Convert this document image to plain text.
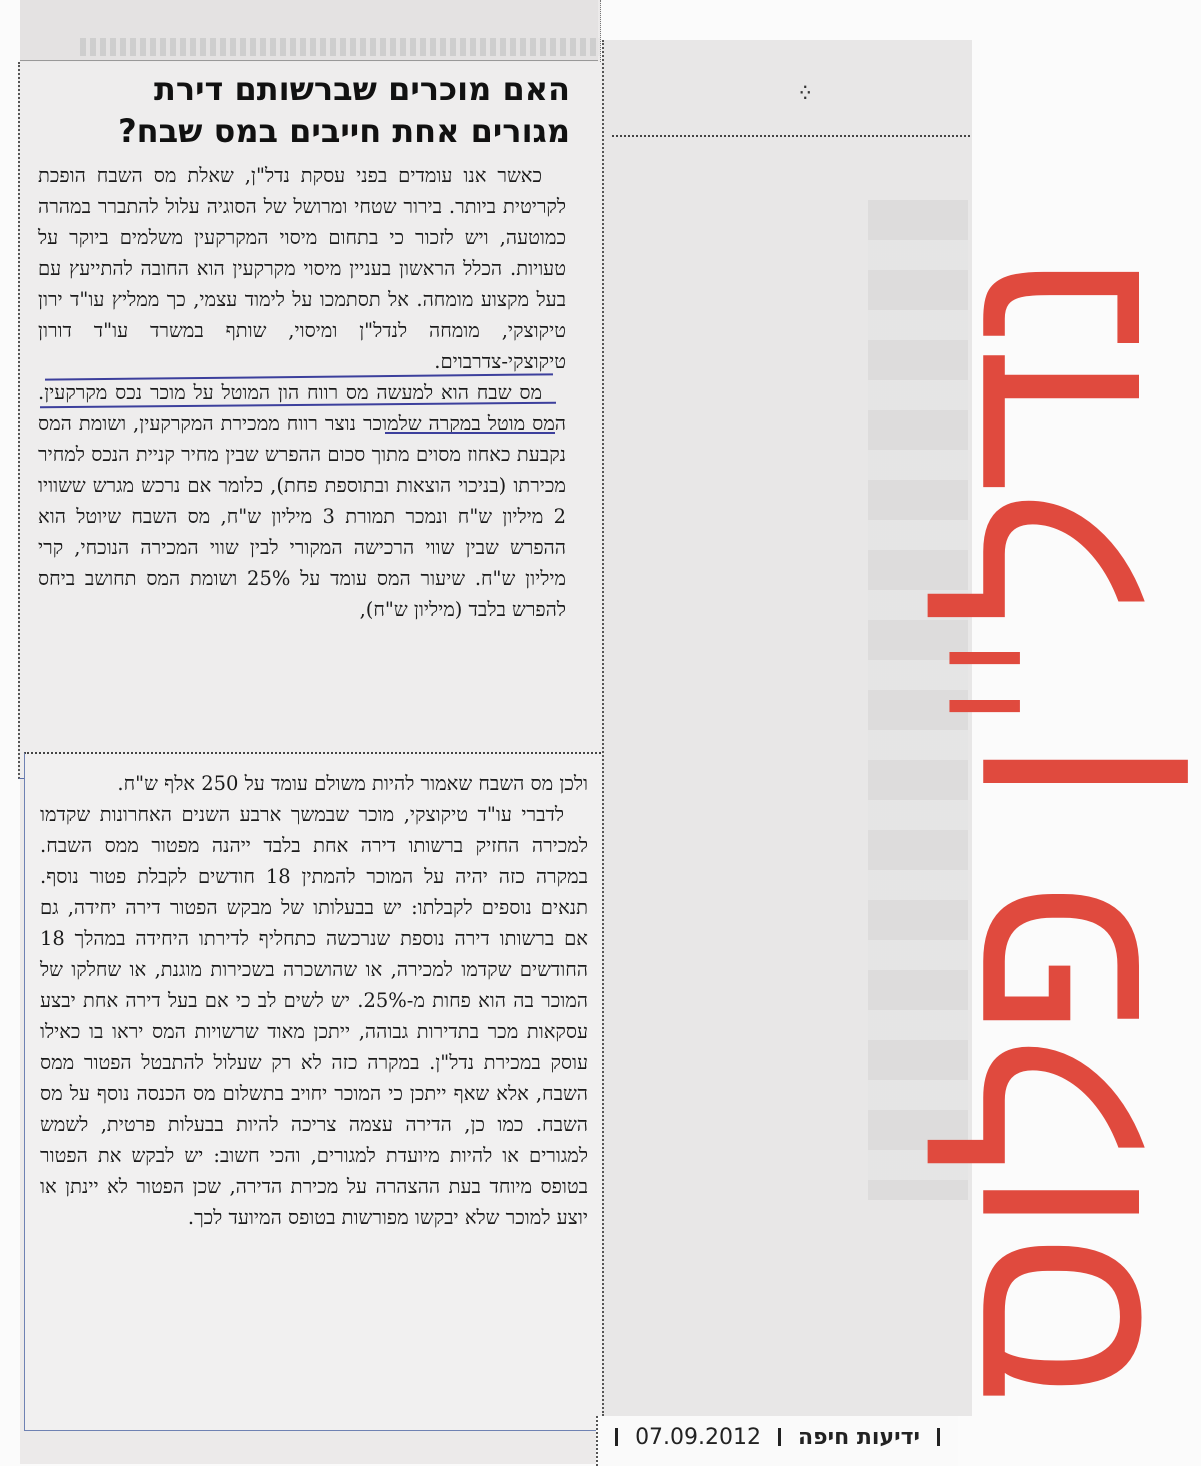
⁛
האם מוכרים שברשותם דירת מגורים אחת חייבים במס שבח?

כאשר אנו עומדים בפני עסקת נדל"ן, שאלת מס השבח הופכת לקריטית ביותר. בירור שטחי ומרושל של הסוגיה עלול להתברר במהרה כמוטעה, ויש לזכור כי בתחום מיסוי המקרקעין משלמים ביוקר על טעויות. הכלל הראשון בעניין מיסוי מקרקעין הוא החובה להתייעץ עם בעל מקצוע מומחה. אל תסתמכו על לימוד עצמי, כך ממליץ עו"ד ירון טיקוצקי, מומחה לנדל"ן ומיסוי, שותף במשרד עו"ד דורון טיקוצקי-צדרבוים.

מס שבח הוא למעשה מס רווח הון המוטל על מוכר נכס מקרקעין. המס מוטל במקרה שלמוכר נוצר רווח ממכירת המקרקעין, ושומת המס נקבעת כאחוז מסוים מתוך סכום ההפרש שבין מחיר קניית הנכס למחיר מכירתו (בניכוי הוצאות ובתוספת פחת), כלומר אם נרכש מגרש ששוויו 2 מיליון ש"ח ונמכר תמורת 3 מיליון ש"ח, מס השבח שיוטל הוא ההפרש שבין שווי הרכישה המקורי לבין שווי המכירה הנוכחי, קרי מיליון ש"ח. שיעור המס עומד על 25% ושומת המס תחושב ביחס להפרש בלבד (מיליון ש"ח),

ולכן מס השבח שאמור להיות משולם עומד על 250 אלף ש"ח.

לדברי עו"ד טיקוצקי, מוכר שבמשך ארבע השנים האחרונות שקדמו למכירה החזיק ברשותו דירה אחת בלבד ייהנה מפטור ממס השבח. במקרה כזה יהיה על המוכר להמתין 18 חודשים לקבלת פטור נוסף. תנאים נוספים לקבלתו: יש בבעלותו של מבקש הפטור דירה יחידה, גם אם ברשותו דירה נוספת שנרכשה כתחליף לדירתו היחידה במהלך 18 החודשים שקדמו למכירה, או שהושכרה בשכירות מוגנת, או שחלקו של המוכר בה הוא פחות מ-25%. יש לשים לב כי אם בעל דירה אחת יבצע עסקאות מכר בתדירות גבוהה, ייתכן מאוד שרשויות המס יראו בו כאילו עוסק במכירת נדל"ן. במקרה כזה לא רק שעלול להתבטל הפטור ממס השבח, אלא שאף ייתכן כי המוכר יחויב בתשלום מס הכנסה נוסף על מס השבח. כמו כן, הדירה עצמה צריכה להיות בבעלות פרטית, לשמש למגורים או להיות מיועדת למגורים, והכי חשוב: יש לבקש את הפטור בטופס מיוחד בעת ההצהרה על מכירת הדירה, שכן הפטור לא יינתן או יוצע למוכר שלא יבקשו מפורשות בטופס המיועד לכך. נדל"ן פלוס
ידיעות חיפה  07.09.2012
